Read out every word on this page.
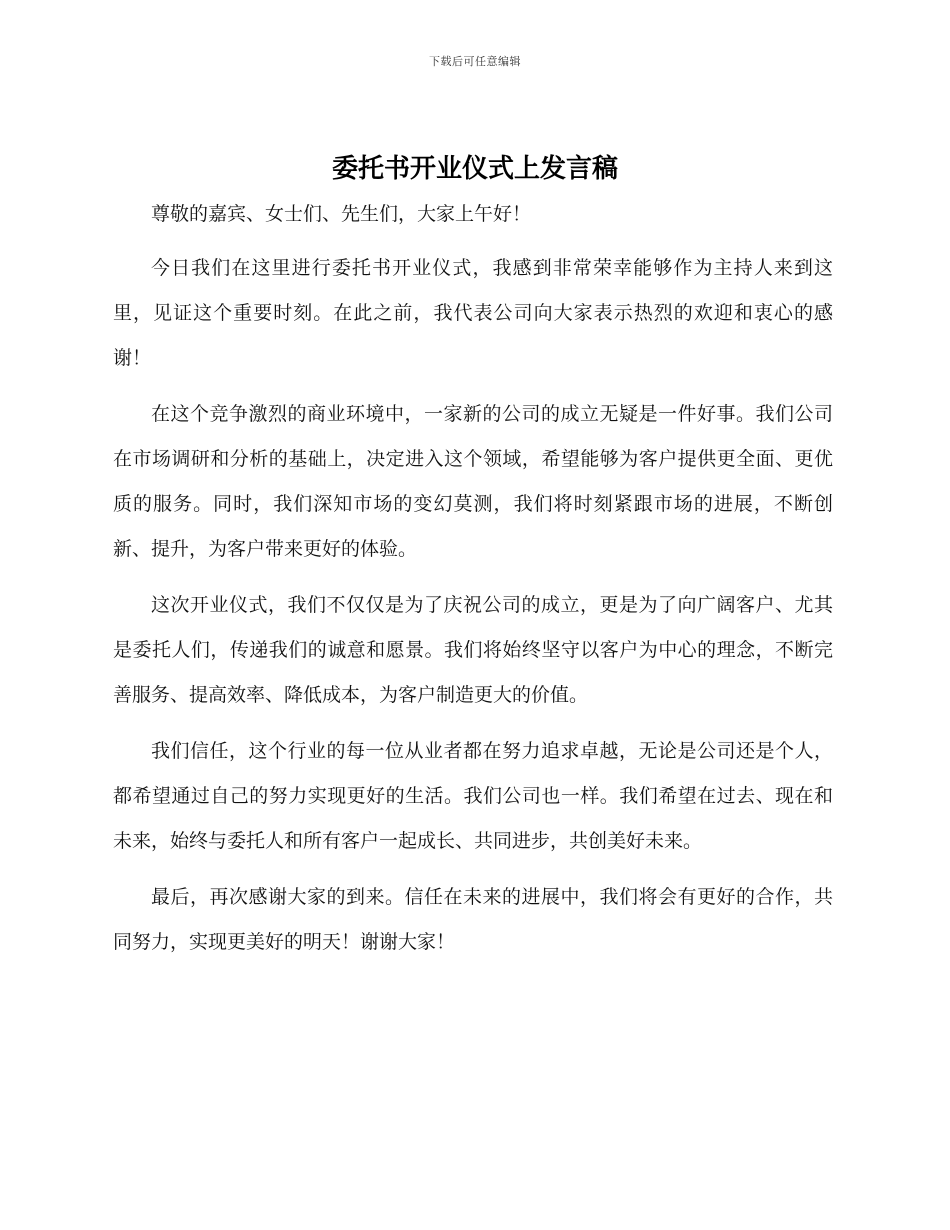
下载后可任意编辑
委托书开业仪式上发言稿

尊敬的嘉宾、女士们、先生们，大家上午好！

今日我们在这里进行委托书开业仪式，我感到非常荣幸能够作为主持人来到这里，见证这个重要时刻。在此之前，我代表公司向大家表示热烈的欢迎和衷心的感谢！

在这个竞争激烈的商业环境中，一家新的公司的成立无疑是一件好事。我们公司在市场调研和分析的基础上，决定进入这个领域，希望能够为客户提供更全面、更优质的服务。同时，我们深知市场的变幻莫测，我们将时刻紧跟市场的进展，不断创新、提升，为客户带来更好的体验。

这次开业仪式，我们不仅仅是为了庆祝公司的成立，更是为了向广阔客户、尤其是委托人们，传递我们的诚意和愿景。我们将始终坚守以客户为中心的理念，不断完善服务、提高效率、降低成本，为客户制造更大的价值。

我们信任，这个行业的每一位从业者都在努力追求卓越，无论是公司还是个人，都希望通过自己的努力实现更好的生活。我们公司也一样。我们希望在过去、现在和未来，始终与委托人和所有客户一起成长、共同进步，共创美好未来。

最后，再次感谢大家的到来。信任在未来的进展中，我们将会有更好的合作，共同努力，实现更美好的明天！谢谢大家！
